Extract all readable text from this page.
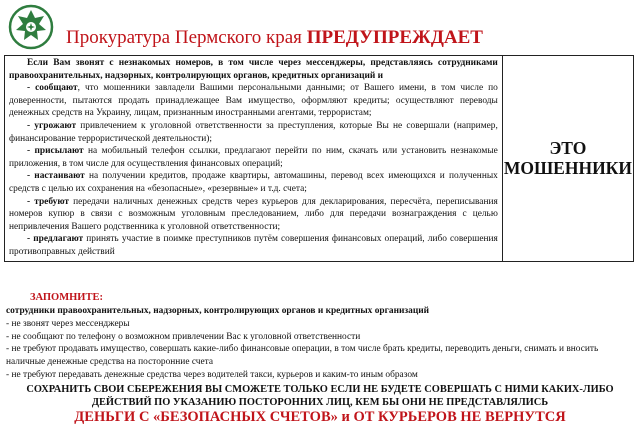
Прокуратура Пермского края ПРЕДУПРЕЖДАЕТ
Если Вам звонят с незнакомых номеров, в том числе через мессенджеры, представляясь сотрудниками правоохранительных, надзорных, контролирующих органов, кредитных организаций и
- сообщают, что мошенники завладели Вашими персональными данными; от Вашего имени, в том числе по доверенности, пытаются продать принадлежащее Вам имущество, оформляют кредиты; осуществляют переводы денежных средств на Украину, лицам, признанным иностранными агентами, террористам;
- угрожают привлечением к уголовной ответственности за преступления, которые Вы не совершали (например, финансирование террористической деятельности);
- присылают на мобильный телефон ссылки, предлагают перейти по ним, скачать или установить незнакомые приложения, в том числе для осуществления финансовых операций;
- настаивают на получении кредитов, продаже квартиры, автомашины, перевод всех имеющихся и полученных средств с целью их сохранения на «безопасные», «резервные» и т.д. счета;
- требуют передачи наличных денежных средств через курьеров для декларирования, пересчёта, переписывания номеров купюр в связи с возможным уголовным преследованием, либо для передачи вознаграждения с целью непривлечения Вашего родственника к уголовной ответственности;
- предлагают принять участие в поимке преступников путём совершения финансовых операций, либо совершения противоправных действий

ЭТО
МОШЕННИКИ
ЗАПОМНИТЕ:
сотрудники правоохранительных, надзорных, контролирующих органов и кредитных организаций
- не звонят через мессенджеры
- не сообщают по телефону о возможном привлечении Вас к уголовной ответственности
- не требуют продавать имущество, совершать какие-либо финансовые операции, в том числе брать кредиты, переводить деньги, снимать и вносить наличные денежные средства на посторонние счета
- не требуют передавать денежные средства через водителей такси, курьеров и каким-то иным образом
СОХРАНИТЬ СВОИ СБЕРЕЖЕНИЯ ВЫ СМОЖЕТЕ ТОЛЬКО ЕСЛИ НЕ БУДЕТЕ СОВЕРШАТЬ С НИМИ КАКИХ-ЛИБО ДЕЙСТВИЙ ПО УКАЗАНИЮ ПОСТОРОННИХ ЛИЦ, КЕМ БЫ ОНИ НЕ ПРЕДСТАВЛЯЛИСЬ
ДЕНЬГИ С «БЕЗОПАСНЫХ СЧЕТОВ» и ОТ КУРЬЕРОВ НЕ ВЕРНУТСЯ
